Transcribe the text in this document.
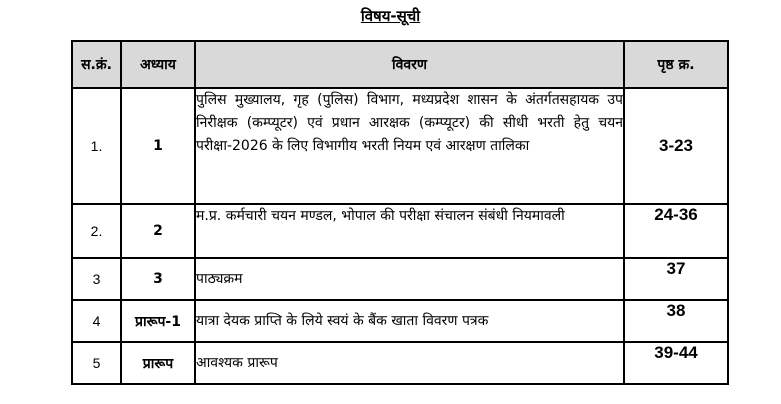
विषय-सूची
स.क्रं.	अध्याय	विवरण	पृष्ठ क्र.
1.	1	पुलिस मुख्यालय, गृह (पुलिस) विभाग, मध्यप्रदेश शासन के अंतर्गतसहायक उप निरीक्षक (कम्प्यूटर) एवं प्रधान आरक्षक (कम्प्यूटर) की सीधी भरती हेतु चयन परीक्षा-2026 के लिए विभागीय भरती नियम एवं आरक्षण तालिका	3-23
2.	2	म.प्र. कर्मचारी चयन मण्डल, भोपाल की परीक्षा संचालन संबंधी नियमावली	24-36
3	3	पाठ्यक्रम	37
4	प्रारूप-1	यात्रा देयक प्राप्ति के लिये स्वयं के बैंक खाता विवरण पत्रक	38
5	प्रारूप	आवश्यक प्रारूप	39-44
